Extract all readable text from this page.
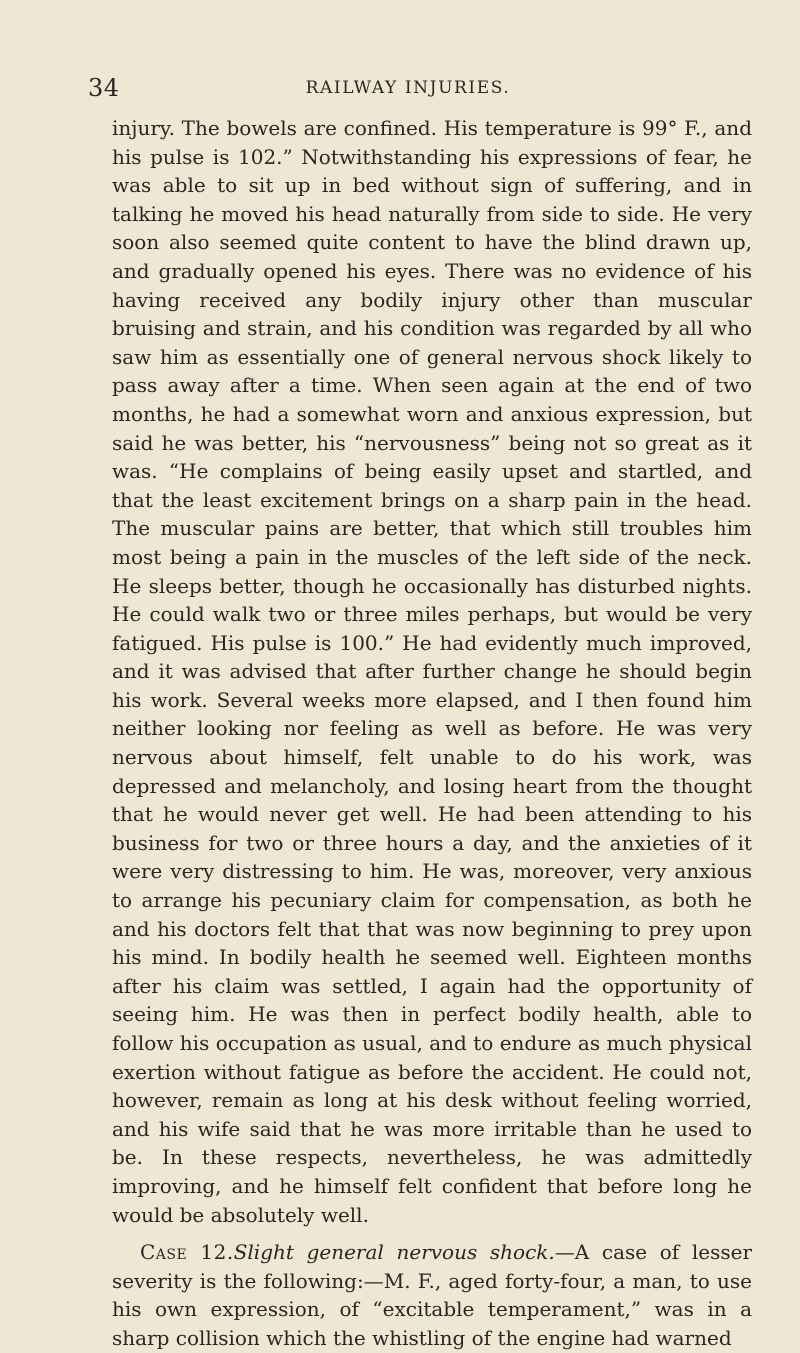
34	RAILWAY INJURIES.

injury. The bowels are confined. His temperature is 99° F., and his pulse is 102.” Notwithstanding his expressions of fear, he was able to sit up in bed without sign of suffering, and in talking he moved his head naturally from side to side. He very soon also seemed quite content to have the blind drawn up, and gradually opened his eyes. There was no evidence of his having received any bodily injury other than muscular bruising and strain, and his condition was regarded by all who saw him as essentially one of general nervous shock likely to pass away after a time. When seen again at the end of two months, he had a somewhat worn and anxious expression, but said he was better, his “nervousness” being not so great as it was. “He complains of being easily upset and startled, and that the least excitement brings on a sharp pain in the head. The muscular pains are better, that which still troubles him most being a pain in the muscles of the left side of the neck. He sleeps better, though he occasionally has disturbed nights. He could walk two or three miles perhaps, but would be very fatigued. His pulse is 100.” He had evidently much improved, and it was advised that after further change he should begin his work. Several weeks more elapsed, and I then found him neither looking nor feeling as well as before. He was very nervous about himself, felt unable to do his work, was depressed and melancholy, and losing heart from the thought that he would never get well. He had been attending to his business for two or three hours a day, and the anxieties of it were very distressing to him. He was, moreover, very anxious to arrange his pecuniary claim for compensation, as both he and his doctors felt that that was now beginning to prey upon his mind. In bodily health he seemed well. Eighteen months after his claim was settled, I again had the opportunity of seeing him. He was then in perfect bodily health, able to follow his occupation as usual, and to endure as much physical exertion without fatigue as before the accident. He could not, however, remain as long at his desk without feeling worried, and his wife said that he was more irritable than he used to be. In these respects, nevertheless, he was admittedly improving, and he himself felt confident that before long he would be absolutely well.

Case 12.Slight general nervous shock.—A case of lesser severity is the following:—M. F., aged forty-four, a man, to use his own expression, of “excitable temperament,” was in a sharp collision which the whistling of the engine had warned
